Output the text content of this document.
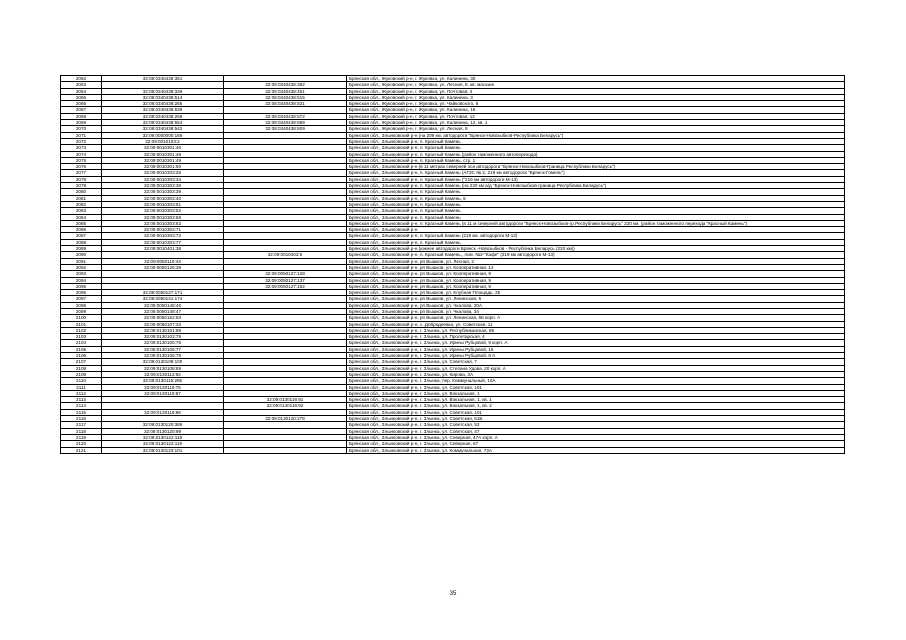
2062	32:08:0340438:351		Брянская обл., Жуковский р-н, г. Жуковка, ул. Калинина, 30
2063		32:08:0340438:382	Брянская обл., Жуковский р-н, г. Жуковка, ул. Лесная, 8, кв. магазин
2064	32:08:0340438:339	32:08:0340438:451	Брянская обл., Жуковский р-н, г. Жуковка, ул. Почтовая, 4
2065	32:08:0340438:514	32:08:0340438:515	Брянская обл., Жуковский р-н, г. Жуковка, ул. Калинина, 3
2066	32:08:0340438:285	32:08:0340438:531	Брянская обл., Жуковский р-н, г. Жуковка, ул. Чайковского, 8
2067	32:08:0340438:539		Брянская обл., Жуковский р-н, г. Жуковка, ул. Калинина, 18
2068	32:08:0340438:258	32:08:0340438:572	Брянская обл., Жуковский р-н, г. Жуковка, ул. Почтовая, 12
2069	32:08:0340438:554	32:08:0340438:589	Брянская обл., Жуковский р-н, г. Жуковка, ул. Калинина, 12, кв. 1
2070	32:08:0340438:542	32:08:0340438:609	Брянская обл., Жуковский р-н, г. Жуковка, ул. Лесная, 8
2071	32:09:0000000:166		Брянская обл., Злынковский р-н (на 209 км. автодороги "Брянск-Новозыбков-Республика Беларусь")
2072	32:09:0010103:2		Брянская обл., Злынковский р-н, п. Красный Камень
2073	32:09:0010301:46		Брянская обл., Злынковский р-н, п. Красный Камень
2074	32:09:0010301:48		Брянская обл., Злынковский р-н, п. Красный Камень (район таможенного автоперехода)
2075	32:09:0010301:49		Брянская обл., Злынковский р-н, п. Красный Камень, стр. 1
2076	32:09:0010301:50		Брянская обл., Злынковский р-н (в 11 метрах северней оси автодороги "Брянск-Новозыбков-Граница Республики Беларусь")
2077	32:09:0010303:26		Брянская обл., Злынковский р-н, п. Красный Камень (АГЗС № 2, 219 км автодороги "Брянск-Гомель")
2078	32:09:0010303:34		Брянская обл., Злынковский р-н, п. Красный Камень ("219 км автодороги М-13)
2079	32:09:0010303:36		Брянская обл., Злынковский р-н, п. Красный Камень (на 220 км а/д "Брянск-Новозыбков-граница Республика Беларусь")
2080	32:09:0010303:39		Брянская обл., Злынковский р-н, п. Красный Камень
2081	32:09:0010303:40		Брянская обл., Злынковский р-н, п. Красный Камень, 6
2082	32:09:0010303:51		Брянская обл., Злынковский р-н, п. Красный Камень
2083	32:09:0010303:52		Брянская обл., Злынковский р-н, п. Красный Камень
2084	32:09:0010303:55		Брянская обл., Злынковский р-н, п. Красный Камень
2085	32:09:0010303:63		Брянская обл., Злынковский р-н, п. Красный Камень (в 11 м северней автодороги "Брянск-Новозыбков-гр.Республики Беларусь" 220 км. (район таможенного перехода "Красный Камень")
2086	32:09:0010303:71		Брянская обл., Злынковский р-н
2087	32:09:0010303:72		Брянская обл., Злынковский р-н, п. Красный Камень (219 км. автодороги М-13)
2088	32:09:0010303:77		Брянская обл., Злынковский р-н, п. Красный Камень
2089	32:09:0010401:38		Брянская обл., Злынковский р-н (южнее автодороги Брянск -Новозыбков - Республика Беларусь (220 км))
2090		32:09:0010403:6	Брянская обл., Злынковский р-н, п. Красный Камень,, пом. №2-"Кафе" (219 км автодороги М-13)
2091	32:09:0050119:43		Брянская обл., Злынковский р-н, рп Вышков, ул. Лесная, 2
2092	32:09:0050126:39		Брянская обл., Злынковский р-н, рп Вышков, ул. Кооперативная, 12
2093		32:09:0050127:128	Брянская обл., Злынковский р-н, рп Вышков, ул. Кооперативная, 9
2094		32:09:0050127:137	Брянская обл., Злынковский р-н, рп Вышков, ул. Кооперативная, 9
2095		32:09:0050127:152	Брянская обл., Злынковский р-н, рп Вышков, ул. Кооперативная, 9
2096	32:09:0050127:171		Брянская обл., Злынковский р-н, рп Вышков, ул. Клубная Площадь, 25
2097	32:09:0050141:174		Брянская обл., Злынковский р-н, рп Вышков, ул. Ленинская, 5
2098	32:09:0050148:46		Брянская обл., Злынковский р-н, рп Вышков, ул. Чкалова, 20А
2099	32:09:0050148:47		Брянская обл., Злынковский р-н, рп Вышков, ул. Чкалова, 34
2100	32:09:0050152:93		Брянская обл., Злынковский р-н, рп Вышков, ул. Ленинская, 68 корп. А
2101	32:09:0060107:33		Брянская обл., Злынковский р-н, с. Добродеевка, ул. Советская, 11
2102	32:09:0130101:89		Брянская обл., Злынковский р-н, г. Злынка, ул. Республиканская, 85
2103	32:09:0130102:75		Брянская обл., Злынковский р-н, г. Злынка, ул. Пролетарская, 4
2104	32:09:0130106:76		Брянская обл., Злынковский р-н, г. Злынка, ул. Ирины Рубцовой, 9 корп. А
2105	32:09:0130106:77		Брянская обл., Злынковский р-н, г. Злынка, ул. Ирины Рубцовой, 16
2106	32:09:0130106:79		Брянская обл., Злынковский р-н, г. Злынка, ул. Ирины Рубцовой, 8 А
2107	32:09:0130108:100		Брянская обл., Злынковский р-н, г. Злынка, ул. Советская, 7
2108	32:09:0130108:89		Брянская обл., Злынковский р-н, г. Злынка, ул. Степана Удова, 20 корп. А
2109	32:09:0130113:92		Брянская обл., Злынковский р-н, г. Злынка, ул. Кирова, 3А
2110	32:09:0130115:285		Брянская обл., Злынковский р-н, г. Злынка, пер. Коммунальный, 10А
2111	32:09:0130119:76		Брянская обл., Злынковский р-н, г. Злынка, ул. Советская, 101
2112	32:09:0130119:87		Брянская обл., Злынковский р-н, г. Злынка, ул. Вокзальная, 1
2113		32:09:0130119:91	Брянская обл., Злынковский р-н, г. Злынка, ул. Вокзальная, 1, кв. 1
2114		32:09:0130119:92	Брянская обл., Злынковский р-н, г. Злынка, ул. Вокзальная, 1, кв. 2
2115	32:09:0130119:96		Брянская обл., Злынковский р-н, г. Злынка, ул. Советская, 101
2116		32:09:0130120:278	Брянская обл., Злынковский р-н, г. Злынка, ул. Советская, 51Б
2117	32:09:0130120:385		Брянская обл., Злынковский р-н, г. Злынка, ул. Советская, 53
2118	32:09:0130120:99		Брянская обл., Злынковский р-н, г. Злынка, ул. Советская, 47
2119	32:09:0130122:118		Брянская обл., Злынковский р-н, г. Злынка, ул. Северная, 47А корп. А
2120	32:09:0130122:119		Брянская обл., Злынковский р-н, г. Злынка, ул. Северная, 67
2121	32:09:0130123:101		Брянская обл., Злынковский р-н, г. Злынка, ул. Коммунальная, 73А
35
